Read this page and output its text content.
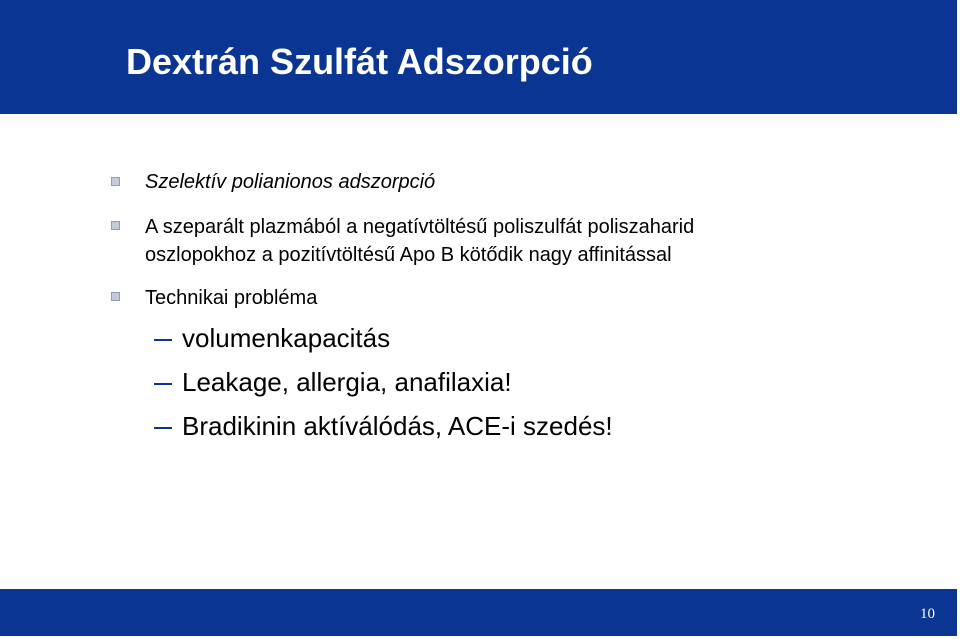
Dextrán Szulfát Adszorpció

Szelektív polianionos adszorpció

A szeparált plazmából a negatívtöltésű poliszulfát poliszaharid
oszlopokhoz a pozitívtöltésű Apo B kötődik nagy affinitással

Technikai probléma

volumenkapacitás

Leakage, allergia, anafilaxia!

Bradikinin aktíválódás, ACE-i szedés!

10
